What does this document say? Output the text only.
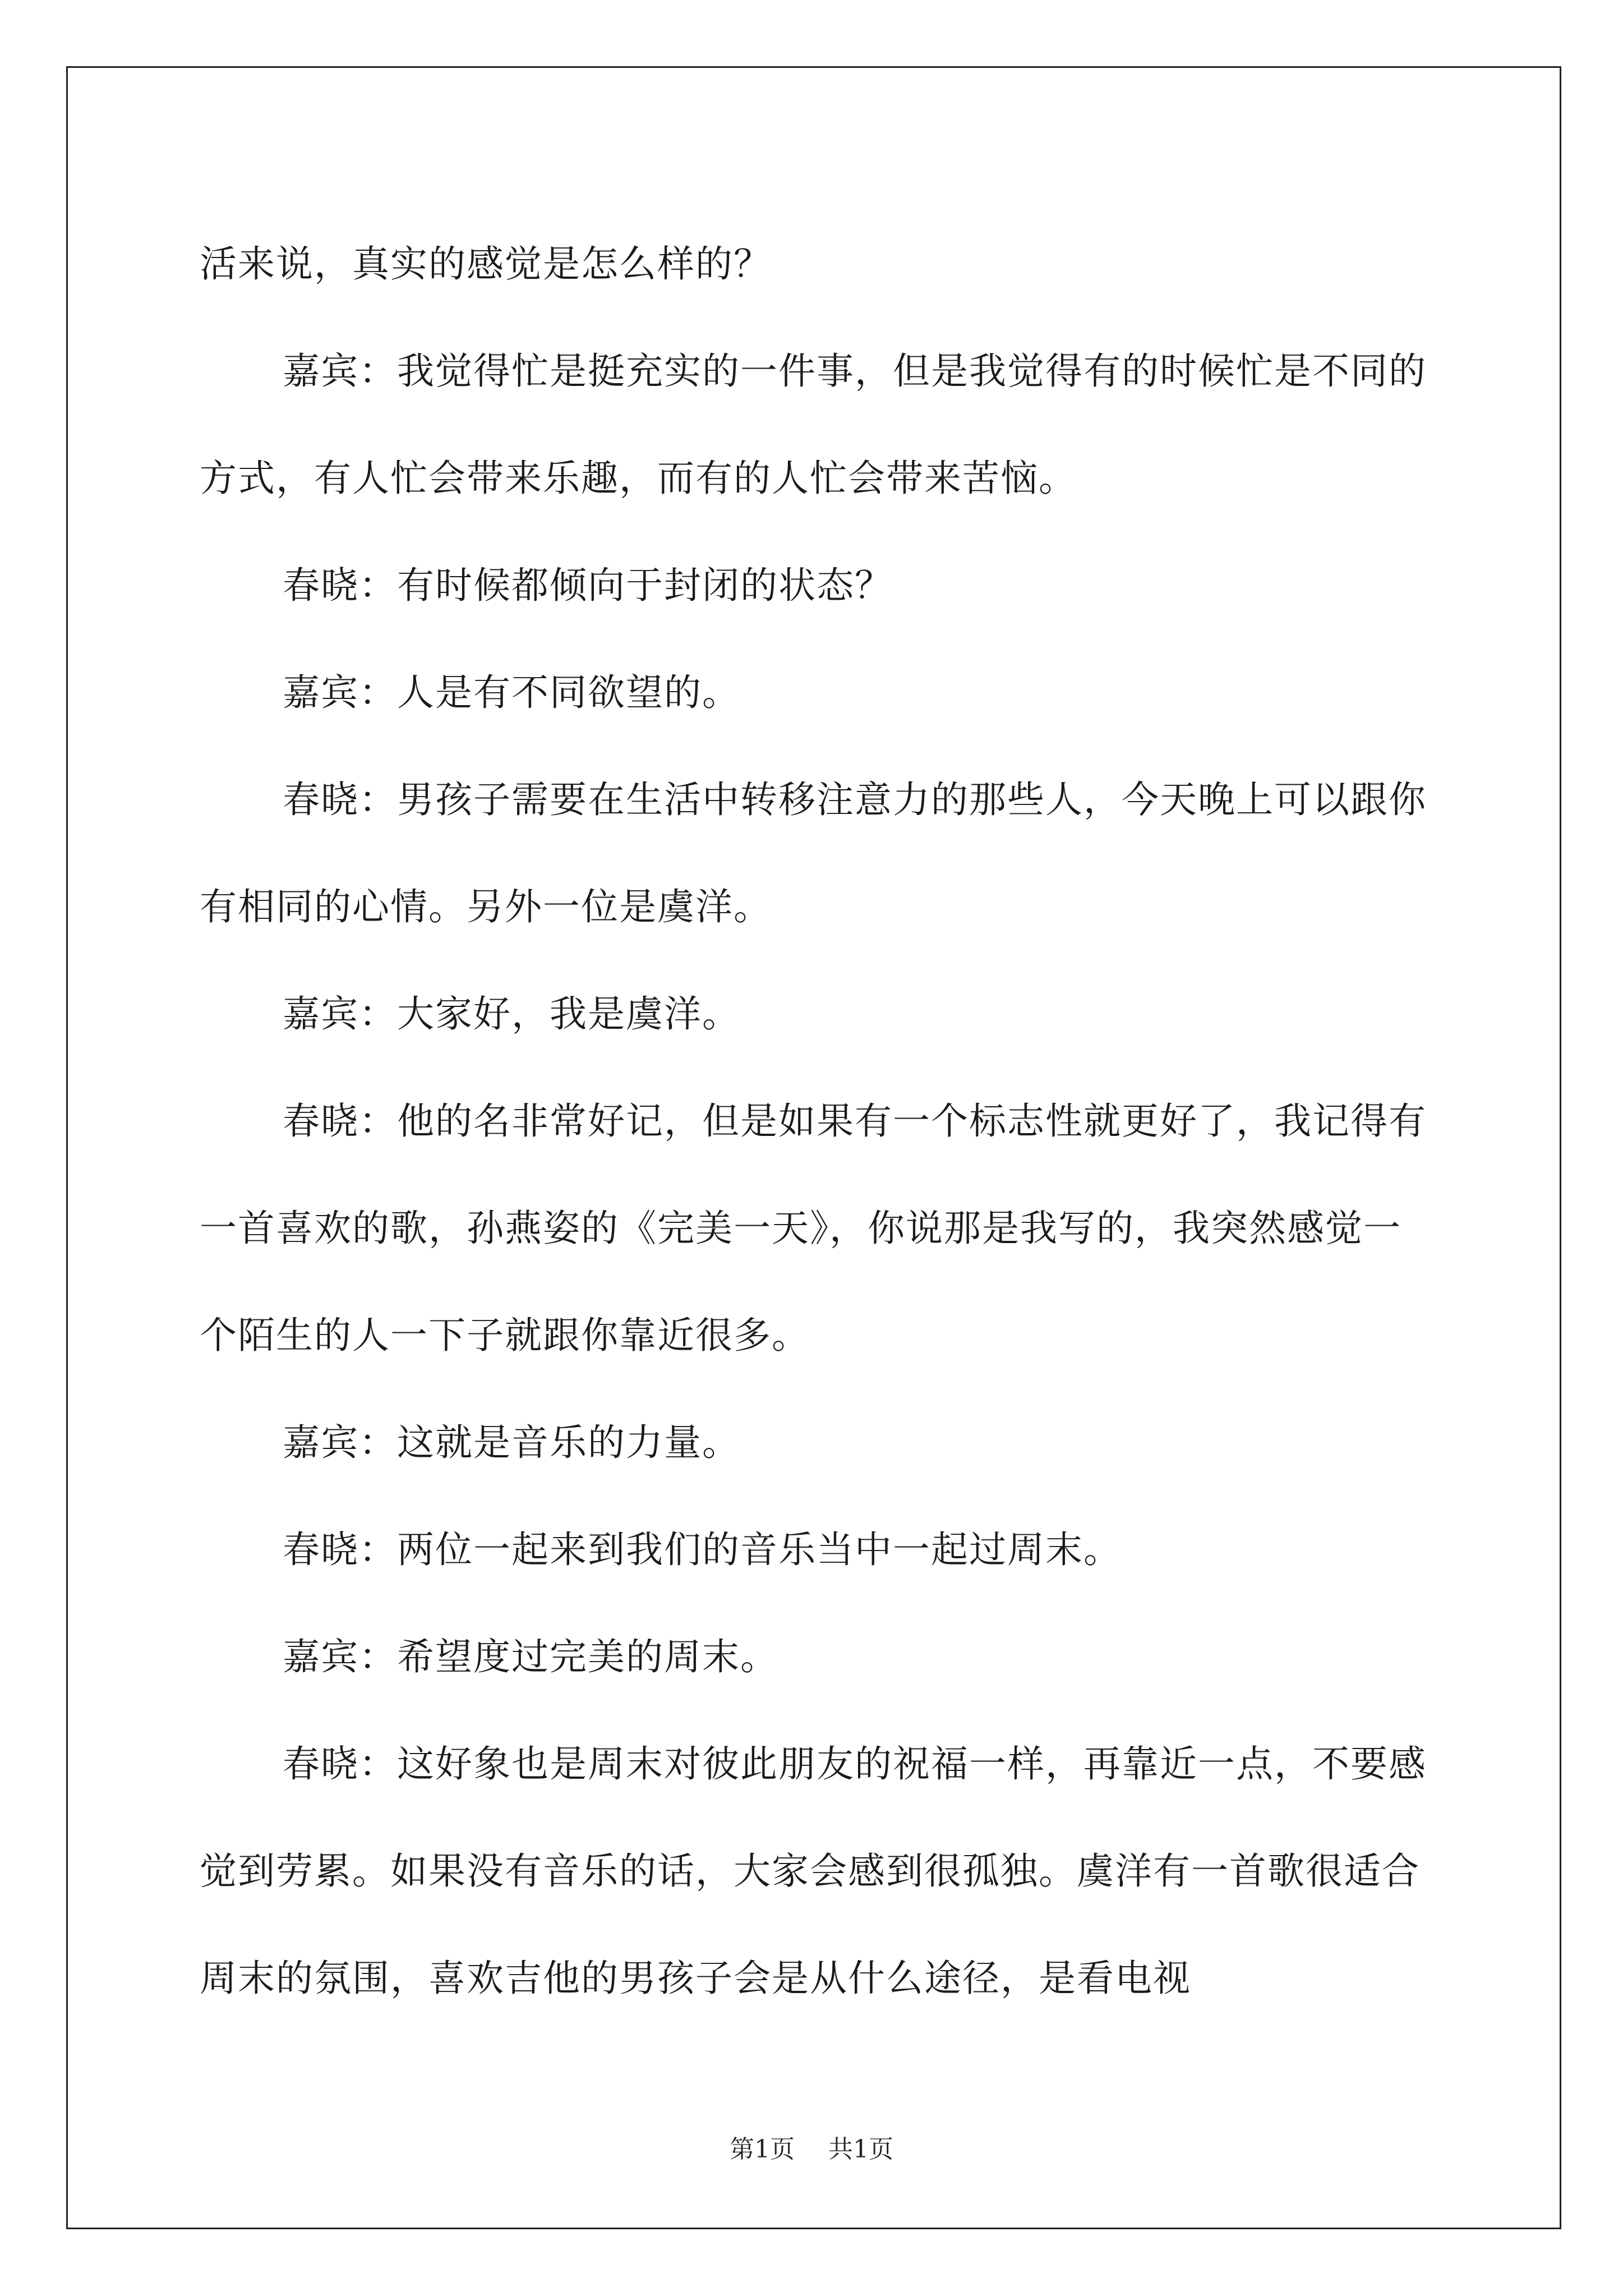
活来说，真实的感觉是怎么样的？

嘉宾：我觉得忙是挺充实的一件事，但是我觉得有的时候忙是不同的方式，有人忙会带来乐趣，而有的人忙会带来苦恼。

春晓：有时候都倾向于封闭的状态？

嘉宾：人是有不同欲望的。

春晓：男孩子需要在生活中转移注意力的那些人，今天晚上可以跟你有相同的心情。另外一位是虞洋。

嘉宾：大家好，我是虞洋。

春晓：他的名非常好记，但是如果有一个标志性就更好了，我记得有一首喜欢的歌，孙燕姿的《完美一天》，你说那是我写的，我突然感觉一个陌生的人一下子就跟你靠近很多。

嘉宾：这就是音乐的力量。

春晓：两位一起来到我们的音乐当中一起过周末。

嘉宾：希望度过完美的周末。

春晓：这好象也是周末对彼此朋友的祝福一样，再靠近一点，不要感觉到劳累。如果没有音乐的话，大家会感到很孤独。虞洋有一首歌很适合周末的氛围，喜欢吉他的男孩子会是从什么途径，是看电视

第1页 共1页
